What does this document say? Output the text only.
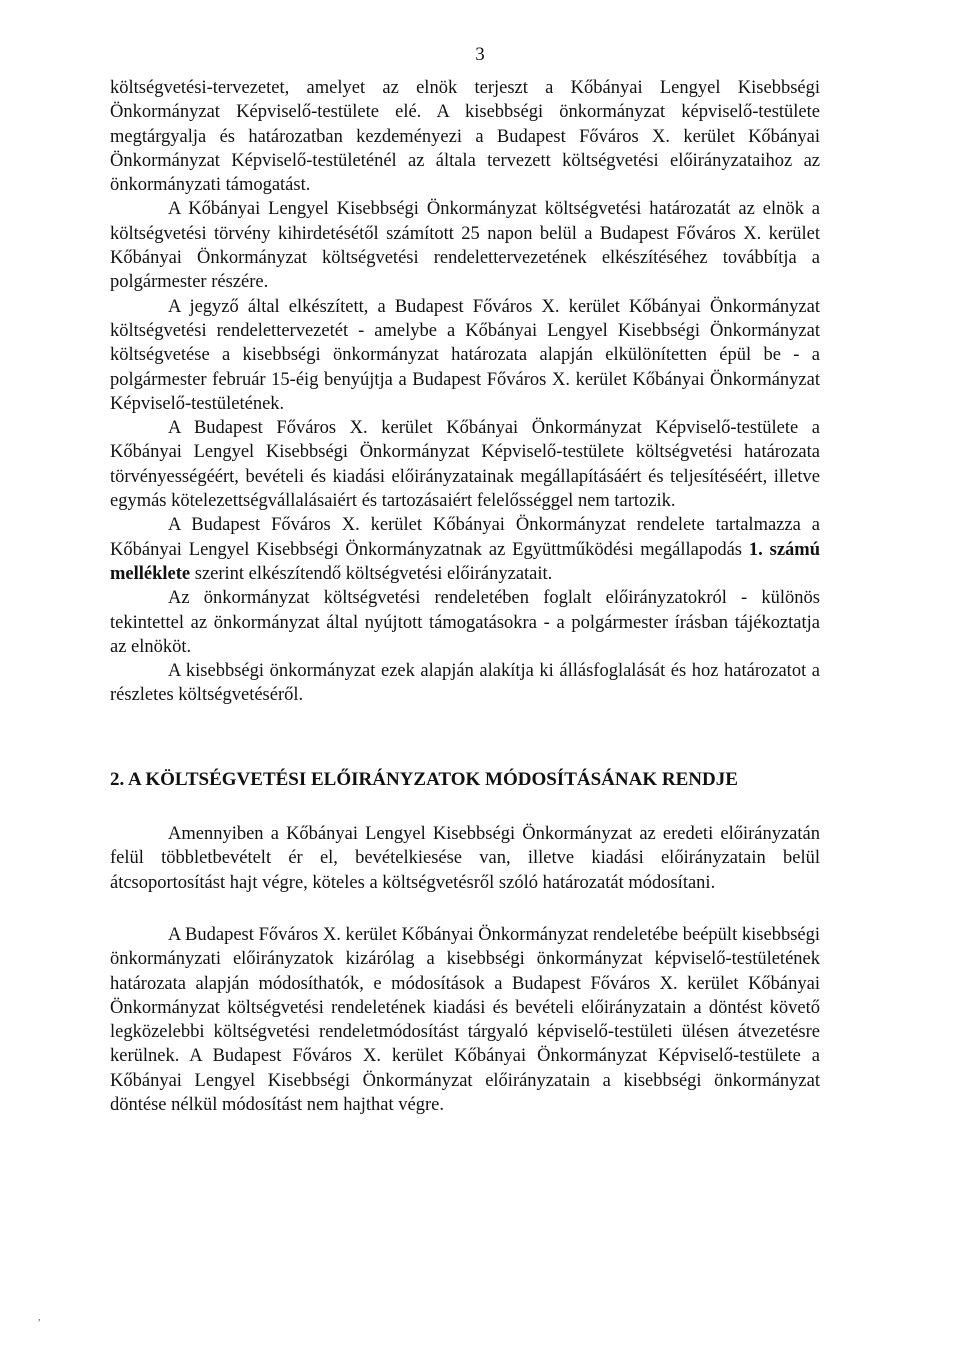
3

költségvetési-tervezetet, amelyet az elnök terjeszt a Kőbányai Lengyel Kisebbségi Önkormányzat Képviselő-testülete elé. A kisebbségi önkormányzat képviselő-testülete megtárgyalja és határozatban kezdeményezi a Budapest Főváros X. kerület Kőbányai Önkormányzat Képviselő-testületénél az általa tervezett költségvetési előirányzataihoz az önkormányzati támogatást.

A Kőbányai Lengyel Kisebbségi Önkormányzat költségvetési határozatát az elnök a költségvetési törvény kihirdetésétől számított 25 napon belül a Budapest Főváros X. kerület Kőbányai Önkormányzat költségvetési rendelettervezetének elkészítéséhez továbbítja a polgármester részére.

A jegyző által elkészített, a Budapest Főváros X. kerület Kőbányai Önkormányzat költségvetési rendelettervezetét - amelybe a Kőbányai Lengyel Kisebbségi Önkormányzat költségvetése a kisebbségi önkormányzat határozata alapján elkülönítetten épül be - a polgármester február 15-éig benyújtja a Budapest Főváros X. kerület Kőbányai Önkormányzat Képviselő-testületének.

A Budapest Főváros X. kerület Kőbányai Önkormányzat Képviselő-testülete a Kőbányai Lengyel Kisebbségi Önkormányzat Képviselő-testülete költségvetési határozata törvényességéért, bevételi és kiadási előirányzatainak megállapításáért és teljesítéséért, illetve egymás kötelezettségvállalásaiért és tartozásaiért felelősséggel nem tartozik.

A Budapest Főváros X. kerület Kőbányai Önkormányzat rendelete tartalmazza a Kőbányai Lengyel Kisebbségi Önkormányzatnak az Együttműködési megállapodás 1. számú melléklete szerint elkészítendő költségvetési előirányzatait.

Az önkormányzat költségvetési rendeletében foglalt előirányzatokról - különös tekintettel az önkormányzat által nyújtott támogatásokra - a polgármester írásban tájékoztatja az elnököt.

A kisebbségi önkormányzat ezek alapján alakítja ki állásfoglalását és hoz határozatot a részletes költségvetéséről.

2. A KÖLTSÉGVETÉSI ELŐIRÁNYZATOK MÓDOSÍTÁSÁNAK RENDJE

Amennyiben a Kőbányai Lengyel Kisebbségi Önkormányzat az eredeti előirányzatán felül többletbevételt ér el, bevételkiesése van, illetve kiadási előirányzatain belül átcsoportosítást hajt végre, köteles a költségvetésről szóló határozatát módosítani.

A Budapest Főváros X. kerület Kőbányai Önkormányzat rendeletébe beépült kisebbségi önkormányzati előirányzatok kizárólag a kisebbségi önkormányzat képviselő-testületének határozata alapján módosíthatók, e módosítások a Budapest Főváros X. kerület Kőbányai Önkormányzat költségvetési rendeletének kiadási és bevételi előirányzatain a döntést követő legközelebbi költségvetési rendeletmódosítást tárgyaló képviselő-testületi ülésen átvezetésre kerülnek. A Budapest Főváros X. kerület Kőbányai Önkormányzat Képviselő-testülete a Kőbányai Lengyel Kisebbségi Önkormányzat előirányzatain a kisebbségi önkormányzat döntése nélkül módosítást nem hajthat végre.

,
